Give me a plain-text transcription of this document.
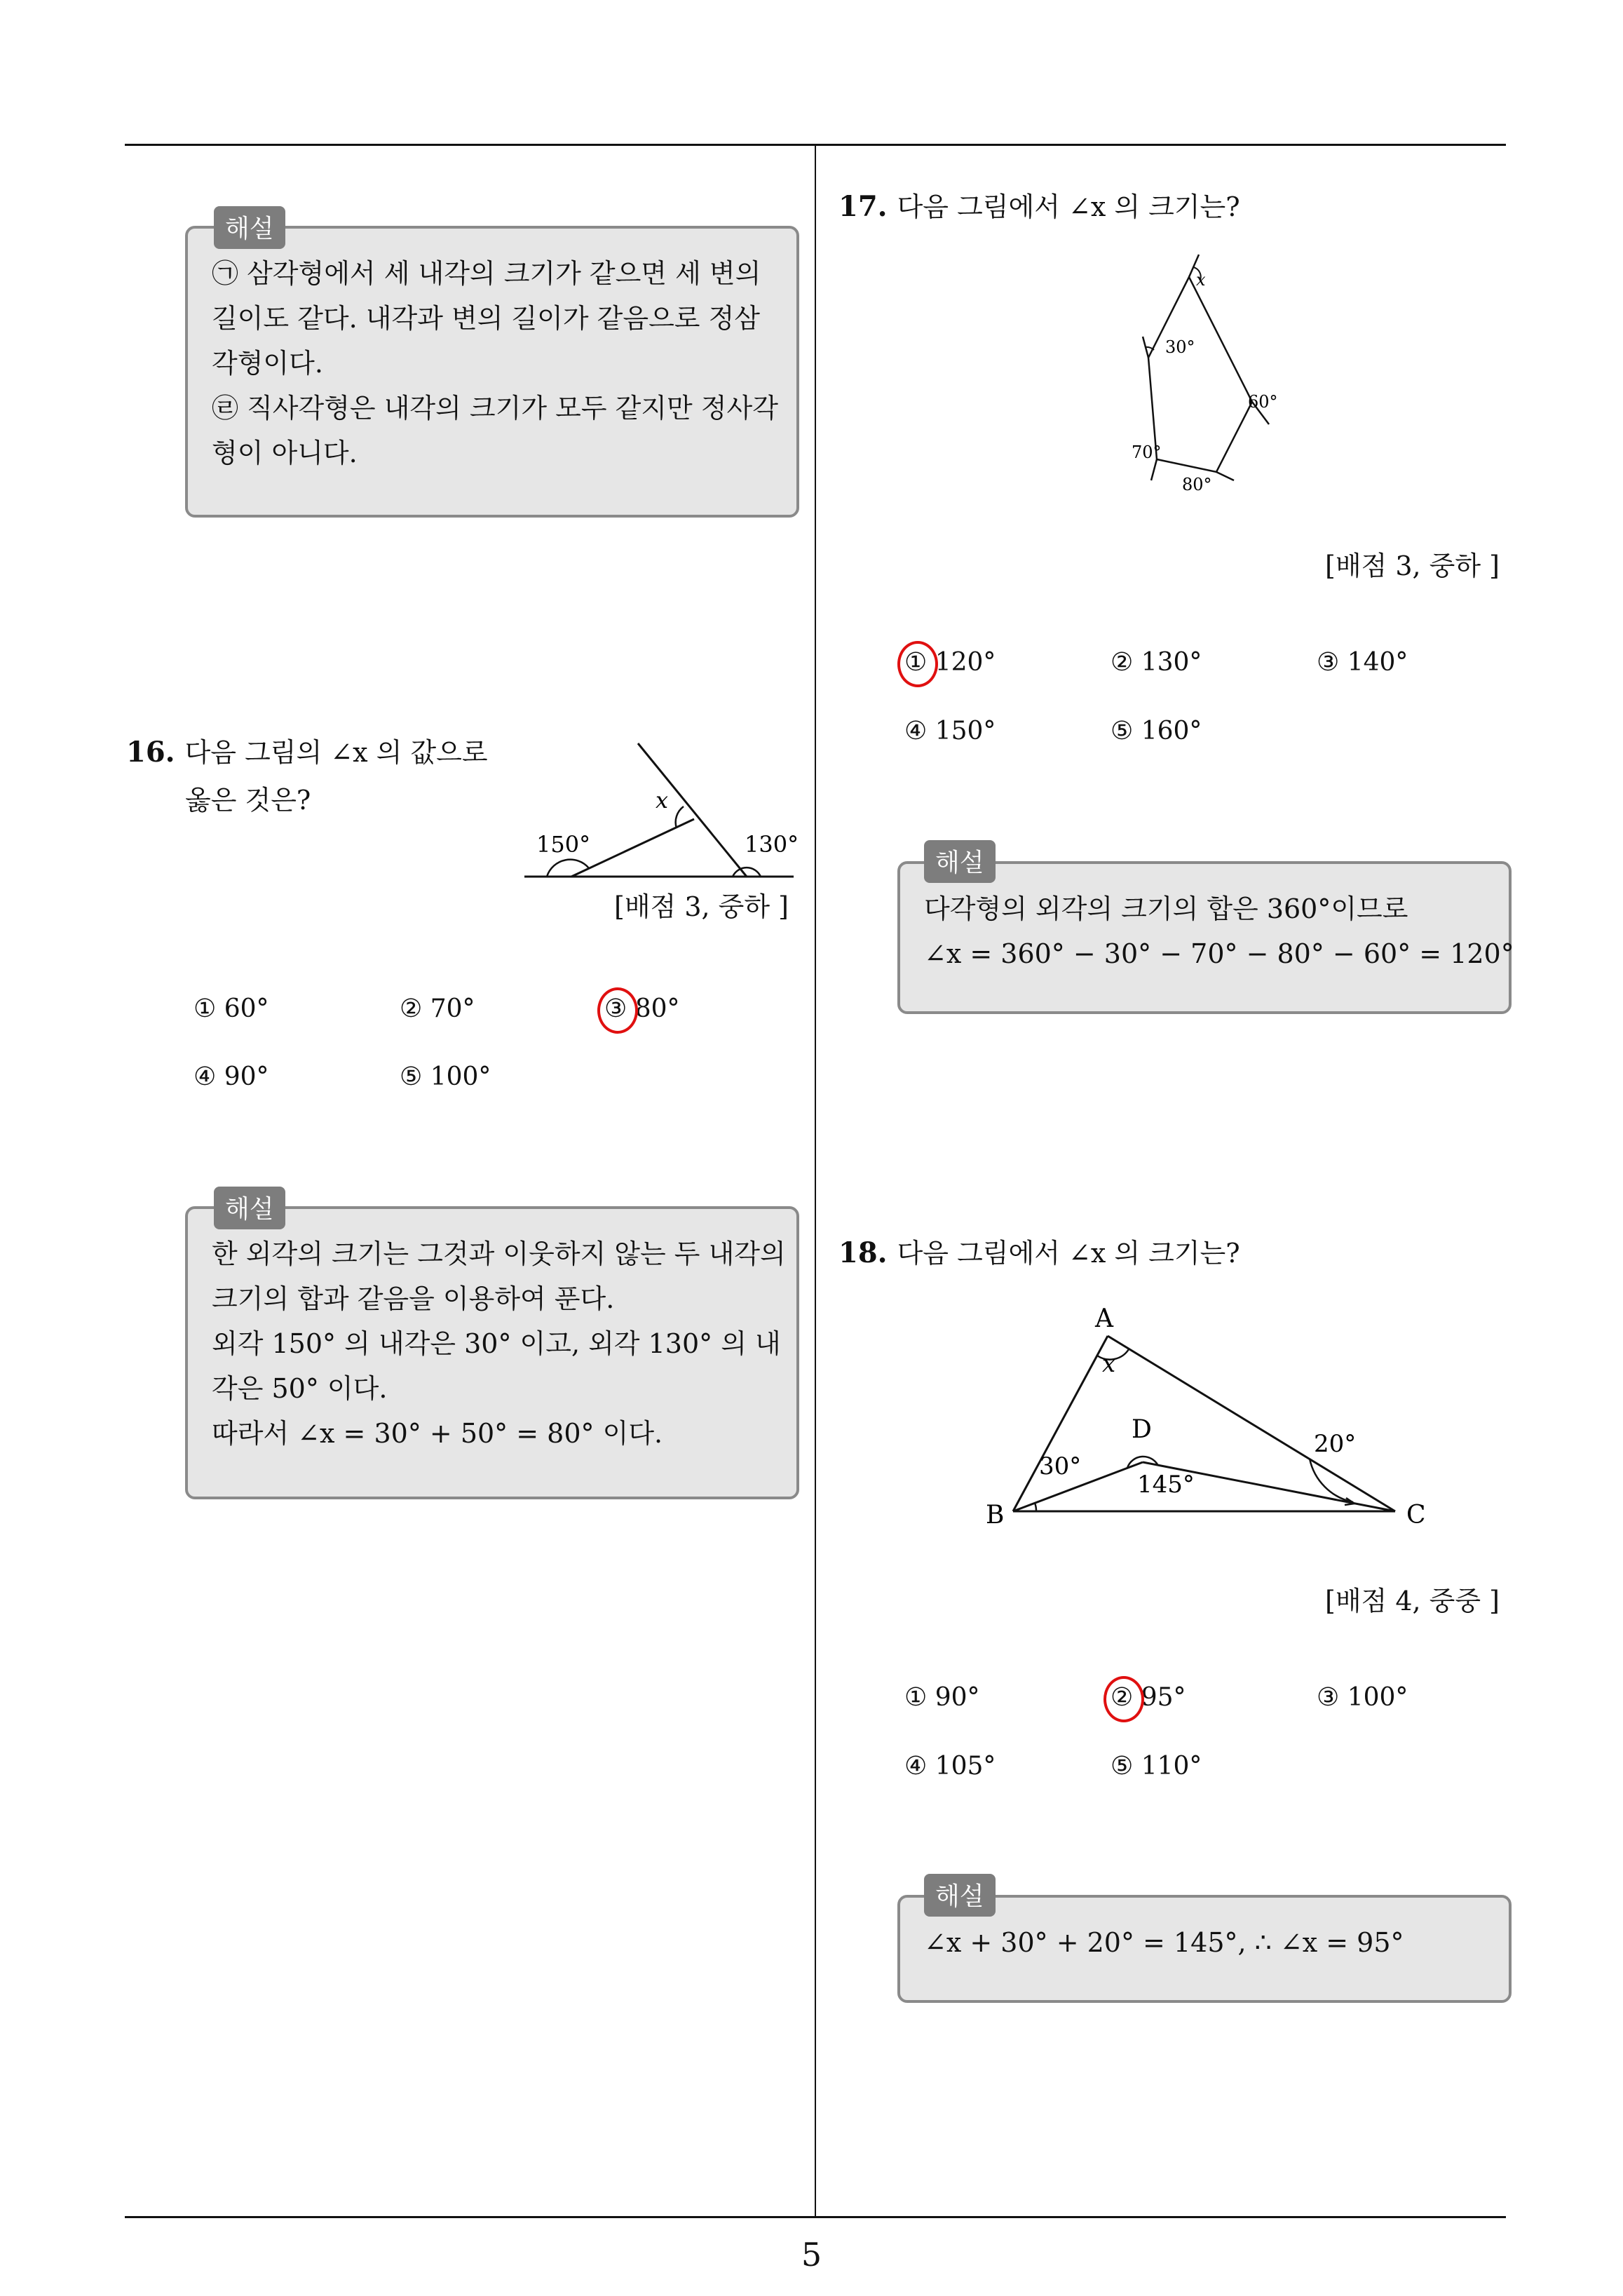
5
㉠ 삼각형에서 세 내각의 크기가 같으면 세 변의
길이도 같다. 내각과 변의 길이가 같음으로 정삼
각형이다.
㉣ 직사각형은 내각의 크기가 모두 같지만 정사각
형이 아니다.
해설
16. 다음 그림의 ∠x 의 값으로
옳은 것은?	x
150°	130°
[배점 3, 중하 ]
① 60°	② 70°	③ 80°
④ 90°	⑤ 100°
한 외각의 크기는 그것과 이웃하지 않는 두 내각의
크기의 합과 같음을 이용하여 푼다.
외각 150° 의 내각은 30° 이고, 외각 130° 의 내
각은 50° 이다.
따라서 ∠x = 30° + 50° = 80° 이다.
해설
17. 다음 그림에서 ∠x 의 크기는?
x
30°
60°
70°
80°
[배점 3, 중하 ]
① 120°	② 130°	③ 140°
④ 150°	⑤ 160°
다각형의 외각의 크기의 합은 360°이므로
∠x = 360° − 30° − 70° − 80° − 60° = 120°
해설
18. 다음 그림에서 ∠x 의 크기는?
A
B	C
D
x
30°
145°
20°
[배점 4, 중중 ]
① 90°	② 95°	③ 100°
④ 105°	⑤ 110°
∠x + 30° + 20° = 145°, ∴ ∠x = 95°
해설
